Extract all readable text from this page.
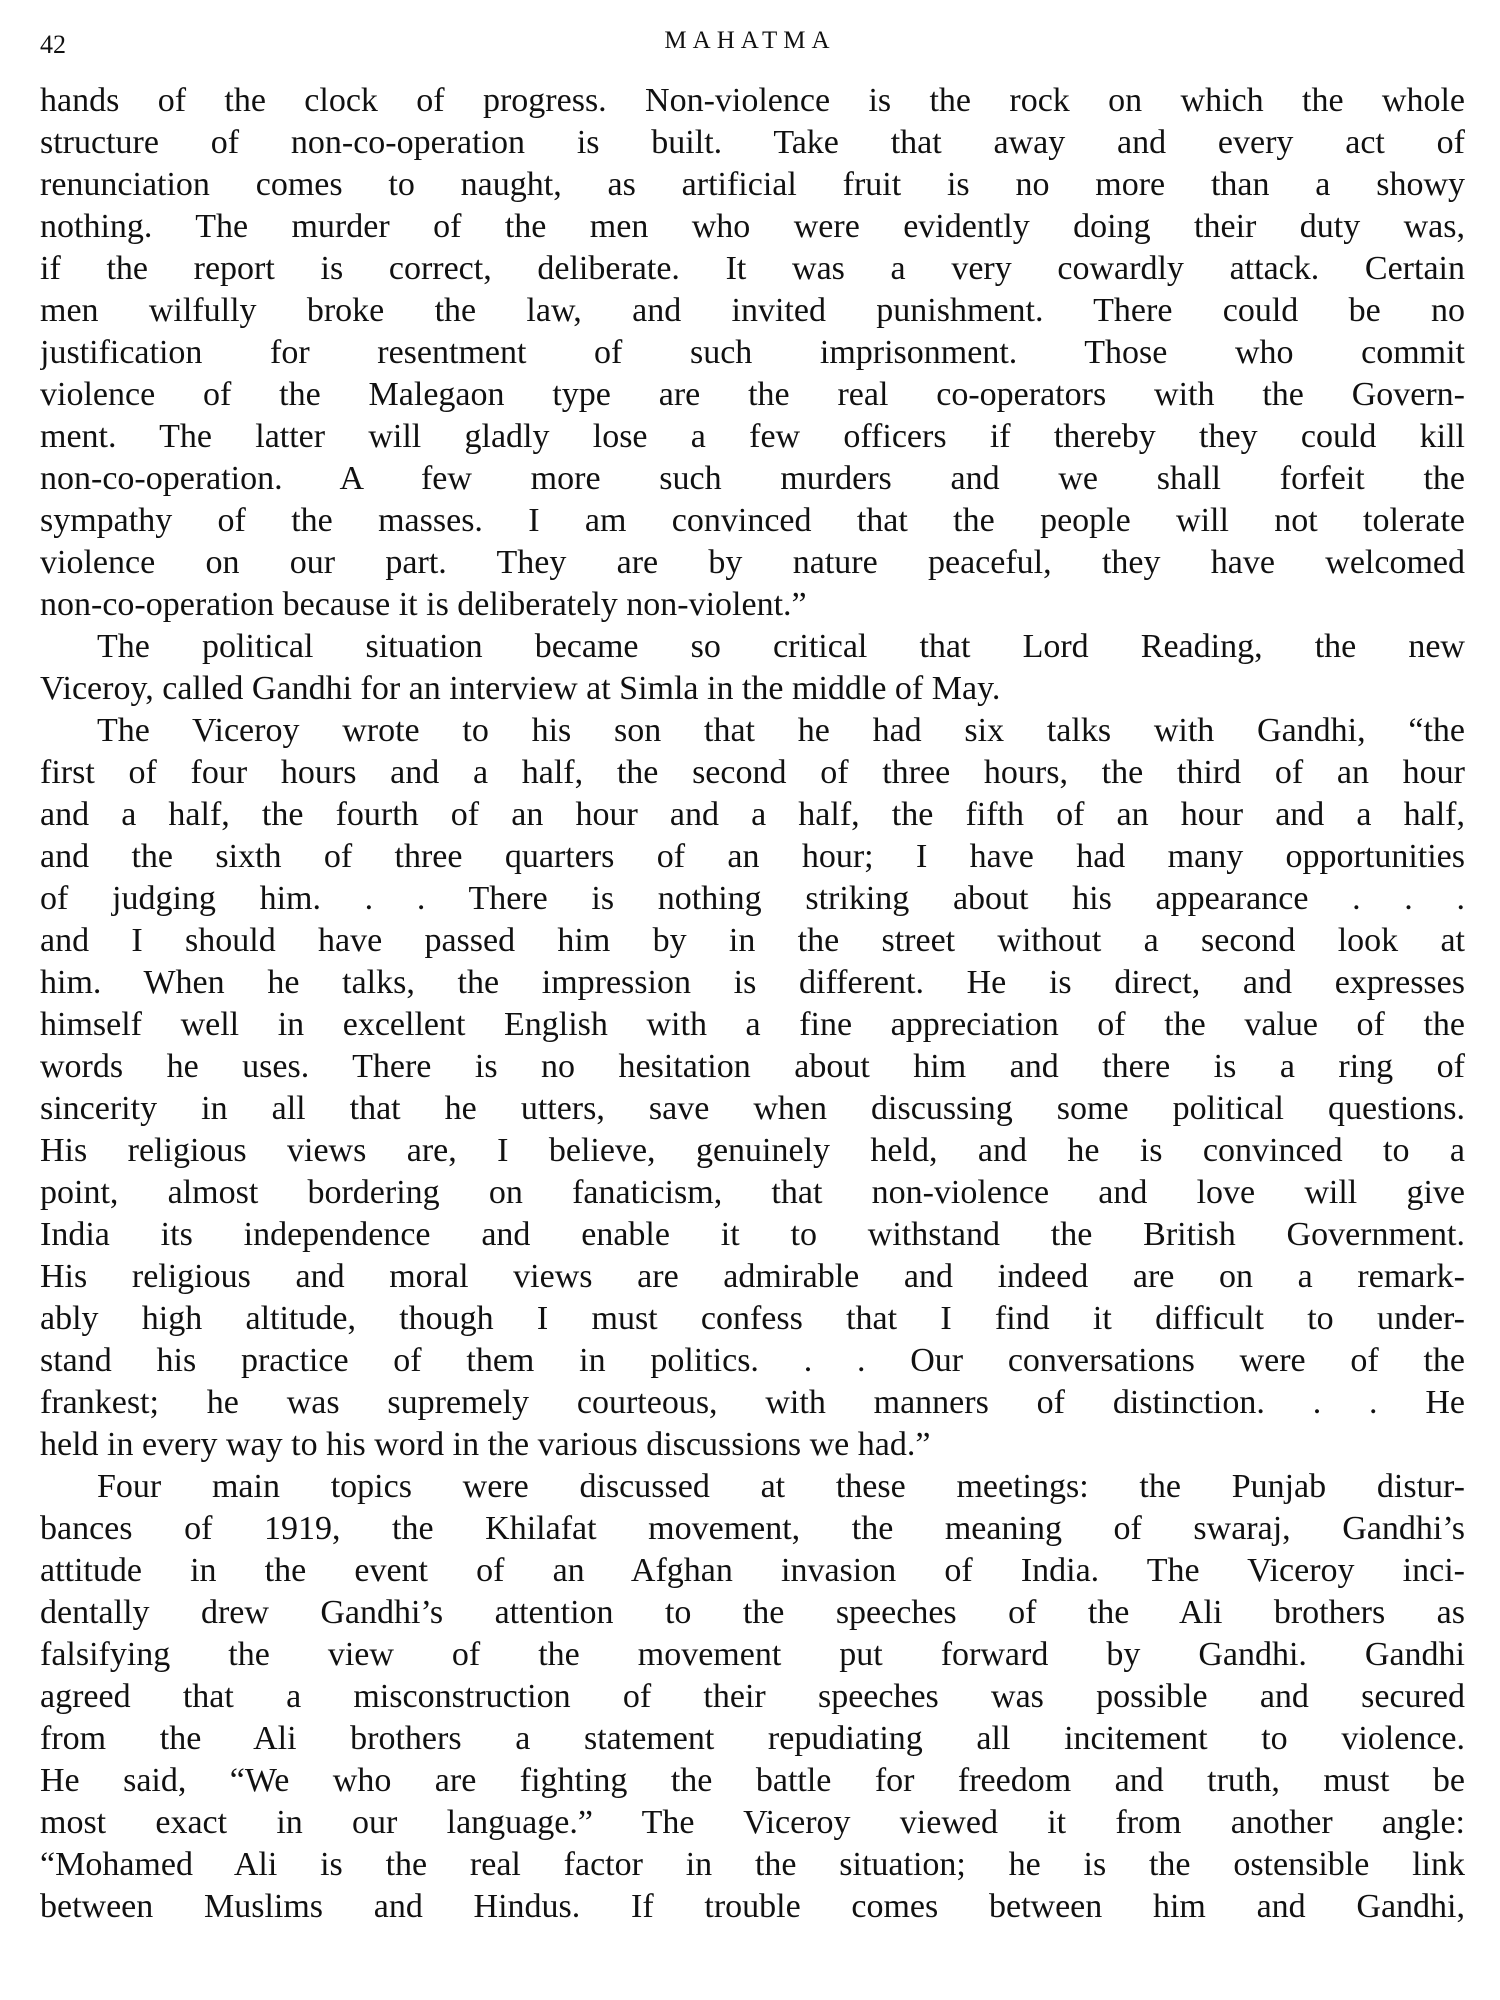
42	MAHATMA
hands of the clock of progress. Non-violence is the rock on which the whole
structure of non-co-operation is built. Take that away and every act of
renunciation comes to naught, as artificial fruit is no more than a showy
nothing. The murder of the men who were evidently doing their duty was,
if the report is correct, deliberate. It was a very cowardly attack. Certain
men wilfully broke the law, and invited punishment. There could be no
justification for resentment of such imprisonment. Those who commit
violence of the Malegaon type are the real co-operators with the Govern-
ment. The latter will gladly lose a few officers if thereby they could kill
non-co-operation. A few more such murders and we shall forfeit the
sympathy of the masses. I am convinced that the people will not tolerate
violence on our part. They are by nature peaceful, they have welcomed
non-co-operation because it is deliberately non-violent.”
The political situation became so critical that Lord Reading, the new
Viceroy, called Gandhi for an interview at Simla in the middle of May.
The Viceroy wrote to his son that he had six talks with Gandhi, “the
first of four hours and a half, the second of three hours, the third of an hour
and a half, the fourth of an hour and a half, the fifth of an hour and a half,
and the sixth of three quarters of an hour; I have had many opportunities
of judging him. . . There is nothing striking about his appearance . . .
and I should have passed him by in the street without a second look at
him. When he talks, the impression is different. He is direct, and expresses
himself well in excellent English with a fine appreciation of the value of the
words he uses. There is no hesitation about him and there is a ring of
sincerity in all that he utters, save when discussing some political questions.
His religious views are, I believe, genuinely held, and he is convinced to a
point, almost bordering on fanaticism, that non-violence and love will give
India its independence and enable it to withstand the British Government.
His religious and moral views are admirable and indeed are on a remark-
ably high altitude, though I must confess that I find it difficult to under-
stand his practice of them in politics. . . Our conversations were of the
frankest; he was supremely courteous, with manners of distinction. . . He
held in every way to his word in the various discussions we had.”
Four main topics were discussed at these meetings: the Punjab distur-
bances of 1919, the Khilafat movement, the meaning of swaraj, Gandhi’s
attitude in the event of an Afghan invasion of India. The Viceroy inci-
dentally drew Gandhi’s attention to the speeches of the Ali brothers as
falsifying the view of the movement put forward by Gandhi. Gandhi
agreed that a misconstruction of their speeches was possible and secured
from the Ali brothers a statement repudiating all incitement to violence.
He said, “We who are fighting the battle for freedom and truth, must be
most exact in our language.” The Viceroy viewed it from another angle:
“Mohamed Ali is the real factor in the situation; he is the ostensible link
between Muslims and Hindus. If trouble comes between him and Gandhi,
